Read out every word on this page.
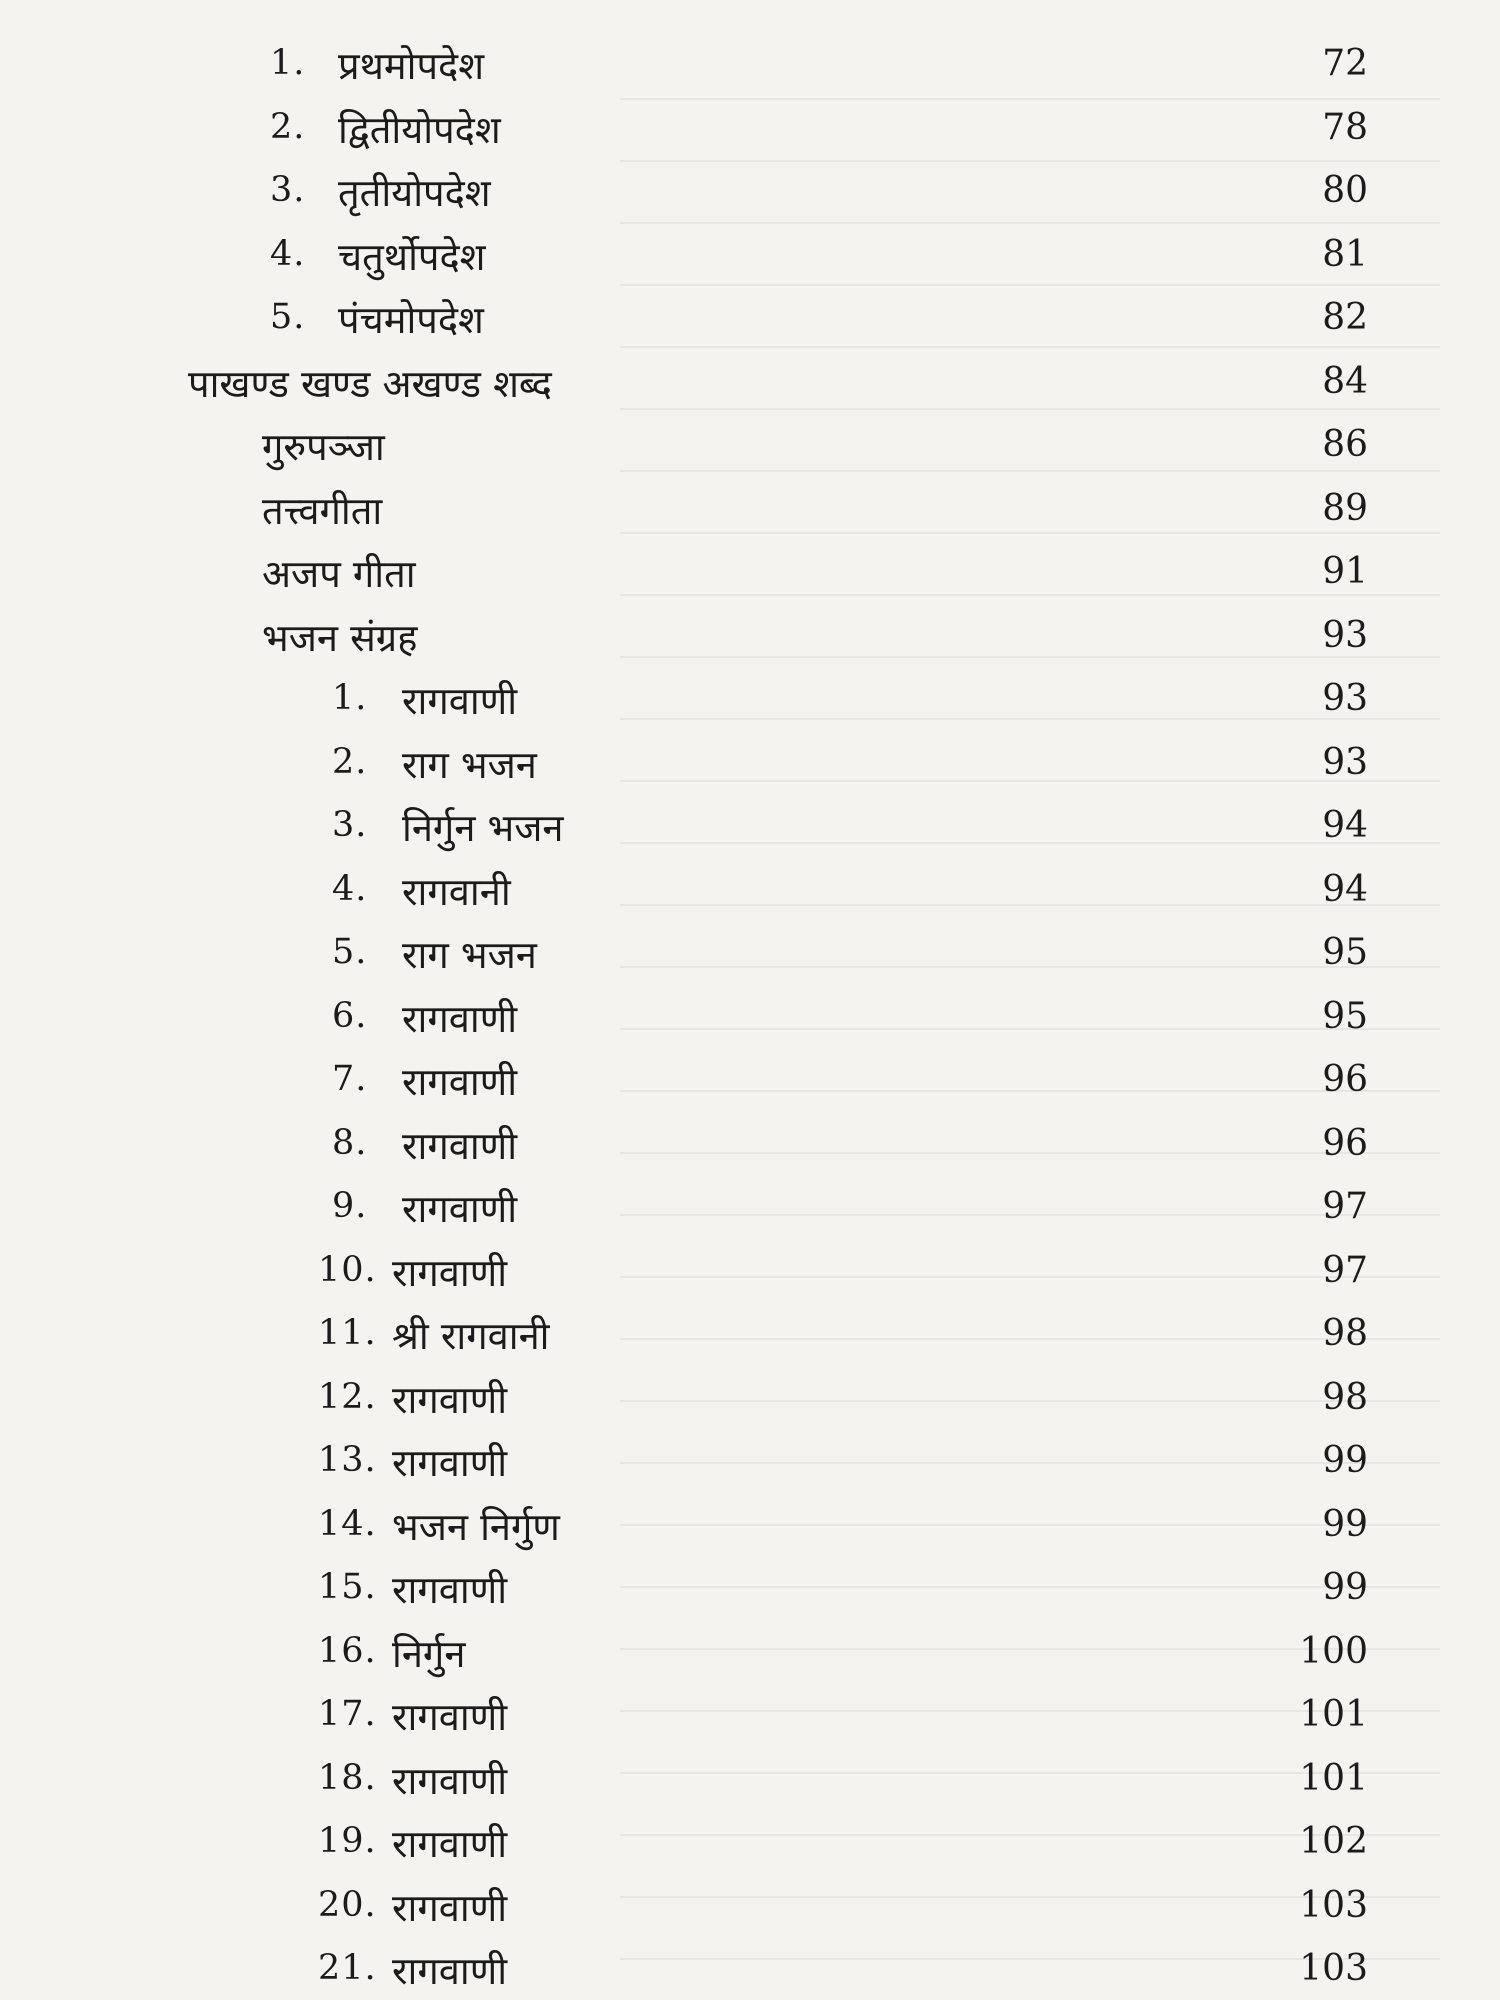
1. प्रथमोपदेश	72
2. द्वितीयोपदेश	78
3. तृतीयोपदेश	80
4. चतुर्थोपदेश	81
5. पंचमोपदेश	82
पाखण्ड खण्ड अखण्ड शब्द	84
गुरुपञ्जा	86
तत्त्वगीता	89
अजप गीता	91
भजन संग्रह	93
1. रागवाणी	93
2. राग भजन	93
3. निर्गुन भजन	94
4. रागवानी	94
5. राग भजन	95
6. रागवाणी	95
7. रागवाणी	96
8. रागवाणी	96
9. रागवाणी	97
10. रागवाणी	97
11. श्री रागवानी	98
12. रागवाणी	98
13. रागवाणी	99
14. भजन निर्गुण	99
15. रागवाणी	99
16. निर्गुन	100
17. रागवाणी	101
18. रागवाणी	101
19. रागवाणी	102
20. रागवाणी	103
21. रागवाणी	103
